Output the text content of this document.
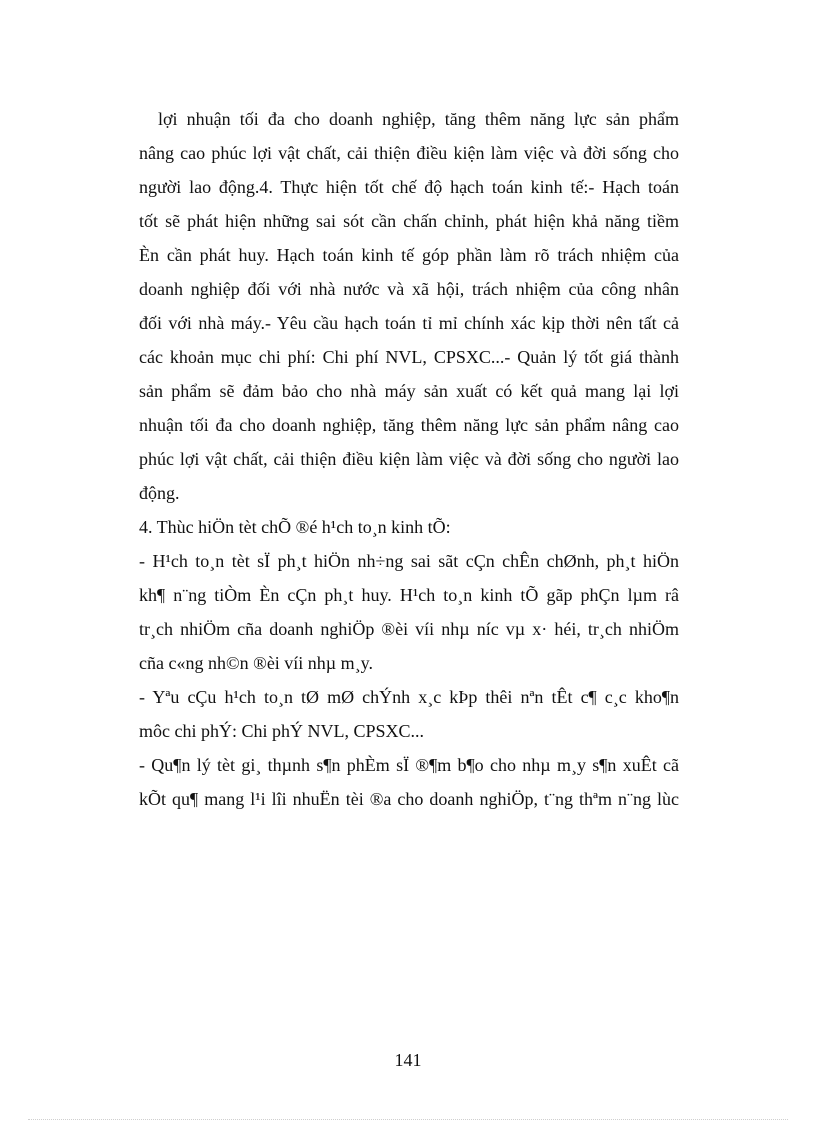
lợi nhuận tối đa cho doanh nghiệp, tăng thêm năng lực sản phẩm
nâng cao phúc lợi vật chất, cải thiện điều kiện làm việc và đời sống cho
người lao động.4. Thực hiện tốt chế độ hạch toán kinh tế:- Hạch toán
tốt sẽ phát hiện những sai sót cần chấn chỉnh, phát hiện khả năng tiềm
Èn cần phát huy. Hạch toán kinh tế góp phần làm rõ trách nhiệm của
doanh nghiệp đối với nhà nước và xã hội, trách nhiệm của công nhân
đối với nhà máy.- Yêu cầu hạch toán tỉ mỉ chính xác kịp thời nên tất cả
các khoản mục chi phí: Chi phí NVL, CPSXC...- Quản lý tốt giá thành
sản phẩm sẽ đảm bảo cho nhà máy sản xuất có kết quả mang lại lợi
nhuận tối đa cho doanh nghiệp, tăng thêm năng lực sản phẩm nâng cao
phúc lợi vật chất, cải thiện điều kiện làm việc và đời sống cho người lao
động.
4. Thùc hiÖn tèt chÕ ®é h¹ch to¸n kinh tÕ:
- H¹ch to¸n tèt sÏ ph¸t hiÖn nh÷ng sai sãt cÇn chÊn chØnh, ph¸t hiÖn
kh¶ n¨ng tiÒm Èn cÇn ph¸t huy. H¹ch to¸n kinh tÕ gãp phÇn lµm râ
tr¸ch nhiÖm cña doanh nghiÖp ®èi víi nhµ níc vµ x· héi, tr¸ch nhiÖm
cña c«ng nh©n ®èi víi nhµ m¸y.
- Yªu cÇu h¹ch to¸n tØ mØ chÝnh x¸c kÞp thêi nªn tÊt c¶ c¸c kho¶n
môc chi phÝ: Chi phÝ NVL, CPSXC...
- Qu¶n lý tèt gi¸ thµnh s¶n phÈm sÏ ®¶m b¶o cho nhµ m¸y s¶n xuÊt cã
kÕt qu¶ mang l¹i lîi nhuËn tèi ®a cho doanh nghiÖp, t¨ng thªm n¨ng lùc
141
